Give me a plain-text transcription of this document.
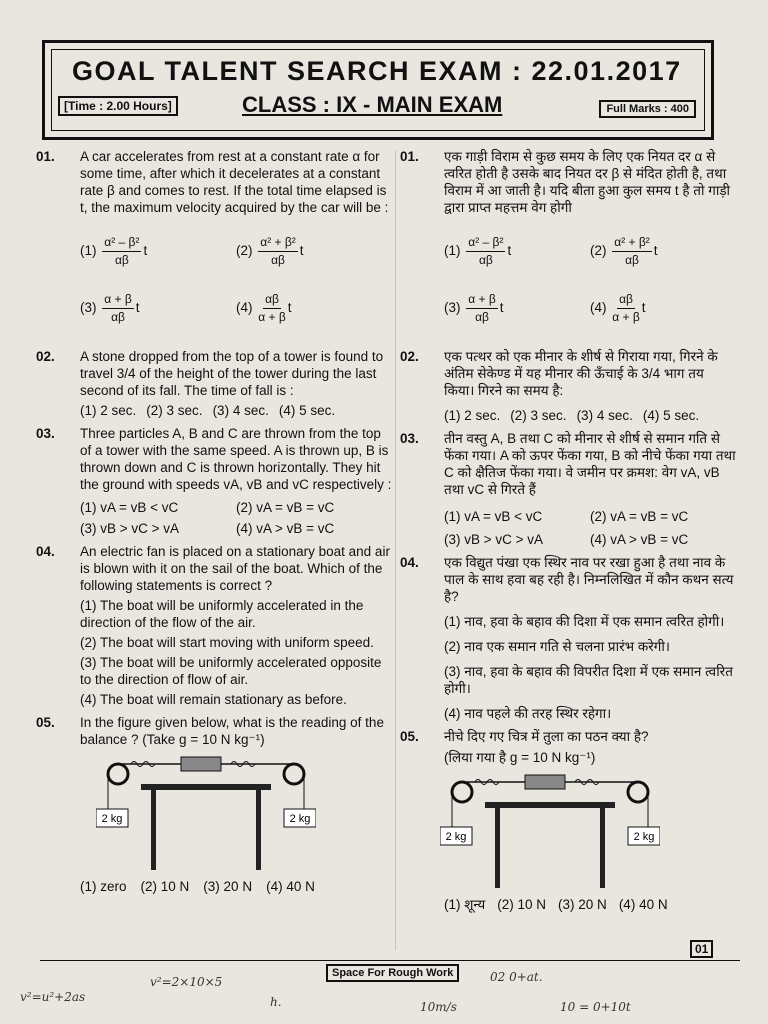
GOAL TALENT SEARCH EXAM : 22.01.2017
[Time : 2.00 Hours]	CLASS : IX - MAIN EXAM	Full Marks : 400
01. A car accelerates from rest at a constant rate α for some time, after which it decelerates at a constant rate β and comes to rest. If the total time elapsed is t, the maximum velocity acquired by the car will be :
$(1) \frac{\text{α² – β²}}{\alpha\beta}$ t	$(2) \frac{\text{α² + β²}}{\alpha\beta}$ t
$(3) \frac{\alpha + \beta}{\alpha\beta}$ t	$(4) \frac{\alpha\beta}{\alpha + \beta}$ t
02. A stone dropped from the top of a tower is found to travel 3/4 of the height of the tower during the last second of its fall. The time of fall is :
(1) 2 sec. (2) 3 sec. (3) 4 sec. (4) 5 sec.
03. Three particles A, B and C are thrown from the top of a tower with the same speed. A is thrown up, B is thrown down and C is thrown horizontally. They hit the ground with speeds vA, vB and vC respectively :
(1) vA = vB < vC	(2) vA = vB = vC
(3) vB > vC > vA	(4) vA > vB = vC
04. An electric fan is placed on a stationary boat and air is blown with it on the sail of the boat. Which of the following statements is correct ?
(1) The boat will be uniformly accelerated in the direction of the flow of the air.
(2) The boat will start moving with uniform speed.
(3) The boat will be uniformly accelerated opposite to the direction of flow of air.
(4) The boat will remain stationary as before.
05. In the figure given below, what is the reading of the balance ? (Take g = 10 N kg⁻¹)
2 kg	2 kg
(1) zero (2) 10 N (3) 20 N (4) 40 N
01. एक गाड़ी विराम से कुछ समय के लिए एक नियत दर α से त्वरित होती है उसके बाद नियत दर β से मंदित होती है, तथा विराम में आ जाती है। यदि बीता हुआ कुल समय t है तो गाड़ी द्वारा प्राप्त महत्तम वेग होगी
$(1) \frac{\text{α² – β²}}{\alpha\beta}$ t	$(2) \frac{\text{α² + β²}}{\alpha\beta}$ t
$(3) \frac{\alpha + \beta}{\alpha\beta}$ t	$(4) \frac{\alpha\beta}{\alpha + \beta}$ t
02. एक पत्थर को एक मीनार के शीर्ष से गिराया गया, गिरने के अंतिम सेकेण्ड में यह मीनार की ऊँचाई के 3/4 भाग तय किया। गिरने का समय है:
(1) 2 sec. (2) 3 sec. (3) 4 sec. (4) 5 sec.
03. तीन वस्तु A, B तथा C को मीनार से शीर्ष से समान गति से फेंका गया। A को ऊपर फेंका गया, B को नीचे फेंका गया तथा C को क्षैतिज फेंका गया। वे जमीन पर क्रमश: वेग vA, vB तथा vC से गिरते हैं
(1) vA = vB < vC	(2) vA = vB = vC
(3) vB > vC > vA	(4) vA > vB = vC
04. एक विद्युत पंखा एक स्थिर नाव पर रखा हुआ है तथा नाव के पाल के साथ हवा बह रही है। निम्नलिखित में कौन कथन सत्य है?
(1) नाव, हवा के बहाव की दिशा में एक समान त्वरित होगी।
(2) नाव एक समान गति से चलना प्रारंभ करेगी।
(3) नाव, हवा के बहाव की विपरीत दिशा में एक समान त्वरित होगी।
(4) नाव पहले की तरह स्थिर रहेगा।
05. नीचे दिए गए चित्र में तुला का पठन क्या है?
(लिया गया है g = 10 N kg⁻¹)
2 kg	2 kg
(1) शून्य (2) 10 N (3) 20 N (4) 40 N
01
Space For Rough Work
v²=u²+2as
v²=2×10×5
h.	10m/s
02 0+at.
10 = 0+10t
